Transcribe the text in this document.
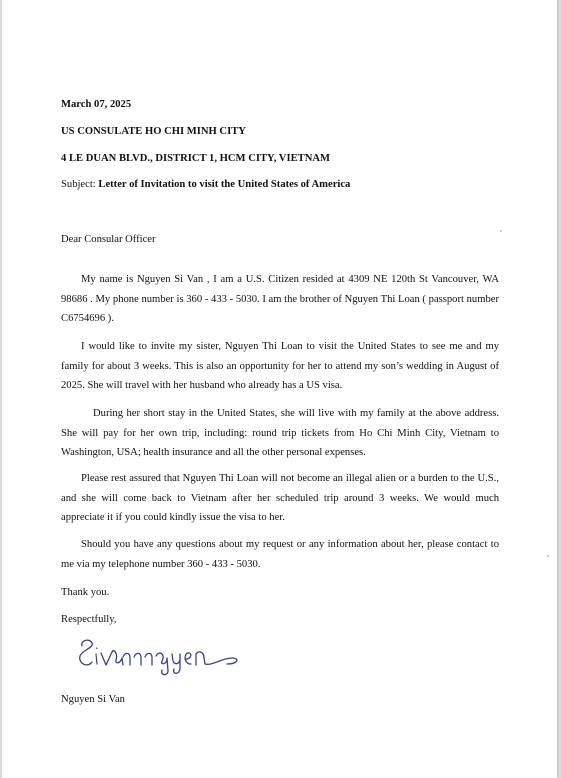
March 07, 2025
US CONSULATE HO CHI MINH CITY
4 LE DUAN BLVD., DISTRICT 1, HCM CITY, VIETNAM
Subject: Letter of Invitation to visit the United States of America
Dear Consular Officer
My name is Nguyen Si Van , I am a U.S. Citizen resided at 4309 NE 120th St Vancouver, WA 98686 . My phone number is 360 - 433 - 5030. I am the brother of Nguyen Thi Loan ( passport number C6754696 ).
I would like to invite my sister, Nguyen Thi Loan to visit the United States to see me and my family for about 3 weeks. This is also an opportunity for her to attend my son’s wedding in August of 2025. She will travel with her husband who already has a US visa.
During her short stay in the United States, she will live with my family at the above address. She will pay for her own trip, including: round trip tickets from Ho Chi Minh City, Vietnam to Washington, USA; health insurance and all the other personal expenses.
Please rest assured that Nguyen Thi Loan will not become an illegal alien or a burden to the U.S., and she will come back to Vietnam after her scheduled trip around 3 weeks. We would much appreciate it if you could kindly issue the visa to her.
Should you have any questions about my request or any information about her, please contact to me via my telephone number 360 - 433 - 5030.
Thank you.
Respectfully,
Nguyen Si Van
